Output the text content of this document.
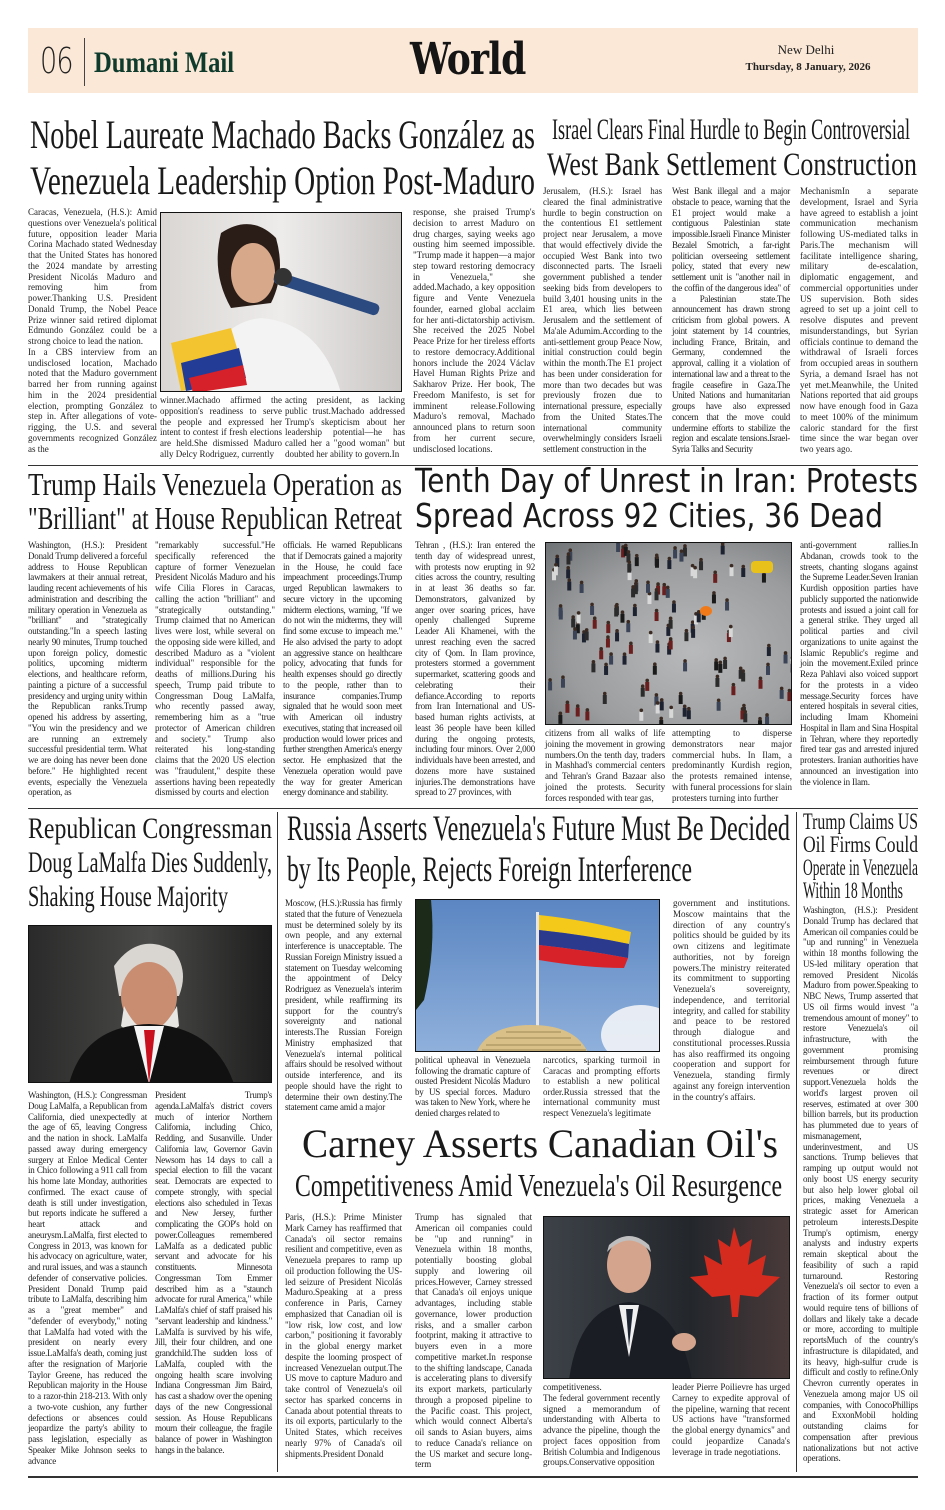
06 Dumani Mail	World	New Delhi
Thursday, 8 January, 2026
Nobel Laureate Machado Backs González as
Venezuela Leadership Option Post-Maduro

Caracas, Venezuela, (H.S.): Amid questions over Venezuela's political future, opposition leader Maria Corina Machado stated Wednesday that the United States has honored the 2024 mandate by arresting President Nicolás Maduro and removing him from power.Thanking U.S. President Donald Trump, the Nobel Peace Prize winner said retired diplomat Edmundo González could be a strong choice to lead the nation.

In a CBS interview from an undisclosed location, Machado noted that the Maduro government barred her from running against him in the 2024 presidential election, prompting González to step in. After allegations of vote-rigging, the U.S. and several governments recognized González as the

winner.Machado affirmed the opposition's readiness to serve the people and expressed her intent to contest if fresh elections are held.She dismissed Maduro ally Delcy Rodriguez, currently
acting president, as lacking public trust.Machado addressed Trump's skepticism about her leadership potential—he has called her a "good woman" but doubted her ability to govern.In
response, she praised Trump's decision to arrest Maduro on drug charges, saying weeks ago ousting him seemed impossible. "Trump made it happen—a major step toward restoring democracy in Venezuela," she added.Machado, a key opposition figure and Vente Venezuela founder, earned global acclaim for her anti-dictatorship activism. She received the 2025 Nobel Peace Prize for her tireless efforts to restore democracy.Additional honors include the 2024 Václav Havel Human Rights Prize and Sakharov Prize. Her book, The Freedom Manifesto, is set for imminent release.Following Maduro's removal, Machado announced plans to return soon from her current secure, undisclosed locations.
Israel Clears Final Hurdle to Begin Controversial
West Bank Settlement Construction
Jerusalem, (H.S.): Israel has cleared the final administrative hurdle to begin construction on the contentious E1 settlement project near Jerusalem, a move that would effectively divide the occupied West Bank into two disconnected parts. The Israeli government published a tender seeking bids from developers to build 3,401 housing units in the E1 area, which lies between Jerusalem and the settlement of Ma'ale Adumim.According to the anti-settlement group Peace Now, initial construction could begin within the month.The E1 project has been under consideration for more than two decades but was previously frozen due to international pressure, especially from the United States.The international community overwhelmingly considers Israeli settlement construction in the
West Bank illegal and a major obstacle to peace, warning that the E1 project would make a contiguous Palestinian state impossible.Israeli Finance Minister Bezalel Smotrich, a far-right politician overseeing settlement policy, stated that every new settlement unit is "another nail in the coffin of the dangerous idea" of a Palestinian state.The announcement has drawn strong criticism from global powers. A joint statement by 14 countries, including France, Britain, and Germany, condemned the approval, calling it a violation of international law and a threat to the fragile ceasefire in Gaza.The United Nations and humanitarian groups have also expressed concern that the move could undermine efforts to stabilize the region and escalate tensions.Israel-Syria Talks and Security
MechanismIn a separate development, Israel and Syria have agreed to establish a joint communication mechanism following US-mediated talks in Paris.The mechanism will facilitate intelligence sharing, military de-escalation, diplomatic engagement, and commercial opportunities under US supervision. Both sides agreed to set up a joint cell to resolve disputes and prevent misunderstandings, but Syrian officials continue to demand the withdrawal of Israeli forces from occupied areas in southern Syria, a demand Israel has not yet met.Meanwhile, the United Nations reported that aid groups now have enough food in Gaza to meet 100% of the minimum caloric standard for the first time since the war began over two years ago.
Trump Hails Venezuela Operation as
"Brilliant" at House Republican Retreat
Washington, (H.S.): President Donald Trump delivered a forceful address to House Republican lawmakers at their annual retreat, lauding recent achievements of his administration and describing the military operation in Venezuela as "brilliant" and "strategically outstanding."In a speech lasting nearly 90 minutes, Trump touched upon foreign policy, domestic politics, upcoming midterm elections, and healthcare reform, painting a picture of a successful presidency and urging unity within the Republican ranks.Trump opened his address by asserting, "You win the presidency and we are running an extremely successful presidential term. What we are doing has never been done before." He highlighted recent events, especially the Venezuela operation, as
"remarkably successful."He specifically referenced the capture of former Venezuelan President Nicolás Maduro and his wife Cilia Flores in Caracas, calling the action "brilliant" and "strategically outstanding." Trump claimed that no American lives were lost, while several on the opposing side were killed, and described Maduro as a "violent individual" responsible for the deaths of millions.During his speech, Trump paid tribute to Congressman Doug LaMalfa, who recently passed away, remembering him as a "true protector of American children and society." Trump also reiterated his long-standing claims that the 2020 US election was "fraudulent," despite these assertions having been repeatedly dismissed by courts and election
officials. He warned Republicans that if Democrats gained a majority in the House, he could face impeachment proceedings.Trump urged Republican lawmakers to secure victory in the upcoming midterm elections, warning, "If we do not win the midterms, they will find some excuse to impeach me." He also advised the party to adopt an aggressive stance on healthcare policy, advocating that funds for health expenses should go directly to the people, rather than to insurance companies.Trump signaled that he would soon meet with American oil industry executives, stating that increased oil production would lower prices and further strengthen America's energy sector. He emphasized that the Venezuela operation would pave the way for greater American energy dominance and stability.
Tenth Day of Unrest in Iran: Protests
Spread Across 92 Cities, 36 Dead
Tehran , (H.S.): Iran entered the tenth day of widespread unrest, with protests now erupting in 92 cities across the country, resulting in at least 36 deaths so far. Demonstrators, galvanized by anger over soaring prices, have openly challenged Supreme Leader Ali Khamenei, with the unrest reaching even the sacred city of Qom. In Ilam province, protesters stormed a government supermarket, scattering goods and celebrating their defiance.According to reports from Iran International and US-based human rights activists, at least 36 people have been killed during the ongoing protests, including four minors. Over 2,000 individuals have been arrested, and dozens more have sustained injuries.The demonstrations have spread to 27 provinces, with
citizens from all walks of life joining the movement in growing numbers.On the tenth day, traders in Mashhad's commercial centers and Tehran's Grand Bazaar also joined the protests. Security forces responded with tear gas,
attempting to disperse demonstrators near major commercial hubs. In Ilam, a predominantly Kurdish region, the protests remained intense, with funeral processions for slain protesters turning into further
anti-government rallies.In Abdanan, crowds took to the streets, chanting slogans against the Supreme Leader.Seven Iranian Kurdish opposition parties have publicly supported the nationwide protests and issued a joint call for a general strike. They urged all political parties and civil organizations to unite against the Islamic Republic's regime and join the movement.Exiled prince Reza Pahlavi also voiced support for the protests in a video message.Security forces have entered hospitals in several cities, including Imam Khomeini Hospital in Ilam and Sina Hospital in Tehran, where they reportedly fired tear gas and arrested injured protesters. Iranian authorities have announced an investigation into the violence in Ilam.
Republican Congressman
Doug LaMalfa Dies Suddenly,
Shaking House Majority
Washington, (H.S.): Congressman Doug LaMalfa, a Republican from California, died unexpectedly at the age of 65, leaving Congress and the nation in shock. LaMalfa passed away during emergency surgery at Enloe Medical Center in Chico following a 911 call from his home late Monday, authorities confirmed. The exact cause of death is still under investigation, but reports indicate he suffered a heart attack and aneurysm.LaMalfa, first elected to Congress in 2013, was known for his advocacy on agriculture, water, and rural issues, and was a staunch defender of conservative policies. President Donald Trump paid tribute to LaMalfa, describing him as a "great member" and "defender of everybody," noting that LaMalfa had voted with the president on nearly every issue.LaMalfa's death, coming just after the resignation of Marjorie Taylor Greene, has reduced the Republican majority in the House to a razor-thin 218-213. With only a two-vote cushion, any further defections or absences could jeopardize the party's ability to pass legislation, especially as Speaker Mike Johnson seeks to advance
President Trump's agenda.LaMalfa's district covers much of interior Northern California, including Chico, Redding, and Susanville. Under California law, Governor Gavin Newsom has 14 days to call a special election to fill the vacant seat. Democrats are expected to compete strongly, with special elections also scheduled in Texas and New Jersey, further complicating the GOP's hold on power.Colleagues remembered LaMalfa as a dedicated public servant and advocate for his constituents. Minnesota Congressman Tom Emmer described him as a "staunch advocate for rural America," while LaMalfa's chief of staff praised his "servant leadership and kindness." LaMalfa is survived by his wife, Jill, their four children, and one grandchild.The sudden loss of LaMalfa, coupled with the ongoing health scare involving Indiana Congressman Jim Baird, has cast a shadow over the opening days of the new Congressional session. As House Republicans mourn their colleague, the fragile balance of power in Washington hangs in the balance.
Russia Asserts Venezuela's Future Must Be Decided
by Its People, Rejects Foreign Interference
Moscow, (H.S.):Russia has firmly stated that the future of Venezuela must be determined solely by its own people, and any external interference is unacceptable. The Russian Foreign Ministry issued a statement on Tuesday welcoming the appointment of Delcy Rodriguez as Venezuela's interim president, while reaffirming its support for the country's sovereignty and national interests.The Russian Foreign Ministry emphasized that Venezuela's internal political affairs should be resolved without outside interference, and its people should have the right to determine their own destiny.The statement came amid a major
political upheaval in Venezuela following the dramatic capture of ousted President Nicolás Maduro by US special forces. Maduro was taken to New York, where he denied charges related to
narcotics, sparking turmoil in Caracas and prompting efforts to establish a new political order.Russia stressed that the international community must respect Venezuela's legitimate
government and institutions. Moscow maintains that the direction of any country's politics should be guided by its own citizens and legitimate authorities, not by foreign powers.The ministry reiterated its commitment to supporting Venezuela's sovereignty, independence, and territorial integrity, and called for stability and peace to be restored through dialogue and constitutional processes.Russia has also reaffirmed its ongoing cooperation and support for Venezuela, standing firmly against any foreign intervention in the country's affairs.
Trump Claims US
Oil Firms Could
Operate in Venezuela
Within 18 Months
Washington, (H.S.): President Donald Trump has declared that American oil companies could be "up and running" in Venezuela within 18 months following the US-led military operation that removed President Nicolás Maduro from power.Speaking to NBC News, Trump asserted that US oil firms would invest "a tremendous amount of money" to restore Venezuela's oil infrastructure, with the government promising reimbursement through future revenues or direct support.Venezuela holds the world's largest proven oil reserves, estimated at over 300 billion barrels, but its production has plummeted due to years of mismanagement, underinvestment, and US sanctions. Trump believes that ramping up output would not only boost US energy security but also help lower global oil prices, making Venezuela a strategic asset for American petroleum interests.Despite Trump's optimism, energy analysts and industry experts remain skeptical about the feasibility of such a rapid turnaround. Restoring Venezuela's oil sector to even a fraction of its former output would require tens of billions of dollars and likely take a decade or more, according to multiple reportsMuch of the country's infrastructure is dilapidated, and its heavy, high-sulfur crude is difficult and costly to refine.Only Chevron currently operates in Venezuela among major US oil companies, with ConocoPhillips and ExxonMobil holding outstanding claims for compensation after previous nationalizations but not active operations.
Carney Asserts Canadian Oil's
Competitiveness Amid Venezuela's Oil Resurgence
Paris, (H.S.): Prime Minister Mark Carney has reaffirmed that Canada's oil sector remains resilient and competitive, even as Venezuela prepares to ramp up oil production following the US-led seizure of President Nicolás Maduro.Speaking at a press conference in Paris, Carney emphasized that Canadian oil is "low risk, low cost, and low carbon," positioning it favorably in the global energy market despite the looming prospect of increased Venezuelan output.The US move to capture Maduro and take control of Venezuela's oil sector has sparked concerns in Canada about potential threats to its oil exports, particularly to the United States, which receives nearly 97% of Canada's oil shipments.President Donald
Trump has signaled that American oil companies could be "up and running" in Venezuela within 18 months, potentially boosting global supply and lowering oil prices.However, Carney stressed that Canada's oil enjoys unique advantages, including stable governance, lower production risks, and a smaller carbon footprint, making it attractive to buyers even in a more competitive market.In response to the shifting landscape, Canada is accelerating plans to diversify its export markets, particularly through a proposed pipeline to the Pacific coast. This project, which would connect Alberta's oil sands to Asian buyers, aims to reduce Canada's reliance on the US market and secure long-term

competitiveness.

The federal government recently signed a memorandum of understanding with Alberta to advance the pipeline, though the project faces opposition from British Columbia and Indigenous groups.Conservative opposition

leader Pierre Poilievre has urged Carney to expedite approval of the pipeline, warning that recent US actions have "transformed the global energy dynamics" and could jeopardize Canada's leverage in trade negotiations.
